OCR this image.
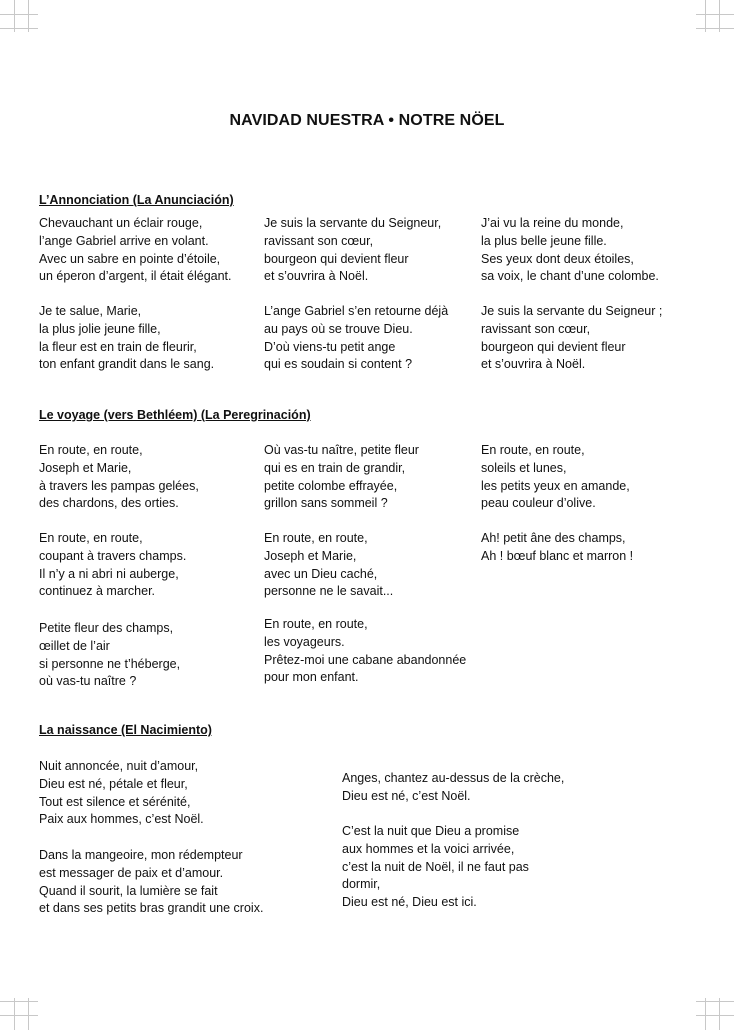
NAVIDAD NUESTRA • NOTRE NÖEL
L’Annonciation (La Anunciación)
Chevauchant un éclair rouge,
l’ange Gabriel arrive en volant.
Avec un sabre en pointe d’étoile,
un éperon d’argent, il était élégant.
Je te salue, Marie,
la plus jolie jeune fille,
la fleur est en train de fleurir,
ton enfant grandit dans le sang.
Je suis la servante du Seigneur,
ravissant son cœur,
bourgeon qui devient fleur
et s’ouvrira à Noël.
L’ange Gabriel s’en retourne déjà
au pays où se trouve Dieu.
D’où viens-tu petit ange
qui es soudain si content ?
J’ai vu la reine du monde,
la plus belle jeune fille.
Ses yeux dont deux étoiles,
sa voix, le chant d’une colombe.
Je suis la servante du Seigneur ;
ravissant son cœur,
bourgeon qui devient fleur
et s’ouvrira à Noël.
Le voyage (vers Bethléem) (La Peregrinación)
En route, en route,
Joseph et Marie,
à travers les pampas gelées,
des chardons, des orties.
En route, en route,
coupant à travers champs.
Il n’y a ni abri ni auberge,
continuez à marcher.
Petite fleur des champs,
œillet de l’air
si personne ne t’héberge,
où vas-tu naître ?
Où vas-tu naître, petite fleur
qui es en train de grandir,
petite colombe effrayée,
grillon sans sommeil ?
En route, en route,
Joseph et Marie,
avec un Dieu caché,
personne ne le savait...
En route, en route,
les voyageurs.
Prêtez-moi une cabane abandonnée
pour mon enfant.
En route, en route,
soleils et lunes,
les petits yeux en amande,
peau couleur d’olive.
Ah! petit âne des champs,
Ah ! bœuf blanc et marron !
La naissance (El Nacimiento)
Nuit annoncée, nuit d’amour,
Dieu est né, pétale et fleur,
Tout est silence et sérénité,
Paix aux hommes, c’est Noël.
Dans la mangeoire, mon rédempteur
est messager de paix et d’amour.
Quand il sourit, la lumière se fait
et dans ses petits bras grandit une croix.
Anges, chantez au-dessus de la crèche,
Dieu est né, c’est Noël.
C’est la nuit que Dieu a promise
aux hommes et la voici arrivée,
c’est la nuit de Noël, il ne faut pas
dormir,
Dieu est né, Dieu est ici.
